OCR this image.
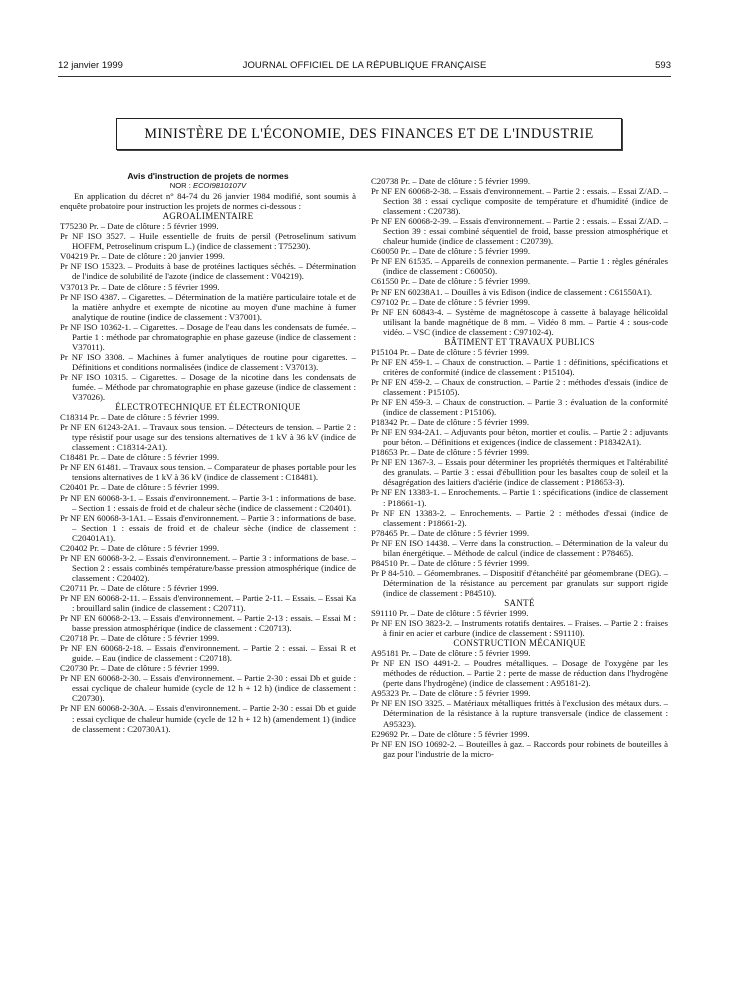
12 janvier 1999	JOURNAL OFFICIEL DE LA RÉPUBLIQUE FRANÇAISE	593
MINISTÈRE DE L'ÉCONOMIE, DES FINANCES ET DE L'INDUSTRIE

Avis d'instruction de projets de normes

NOR : ECOI9810107V

En application du décret n° 84-74 du 26 janvier 1984 modifié, sont soumis à enquête probatoire pour instruction les projets de normes ci-dessous :

AGROALIMENTAIRE

T75230 Pr. – Date de clôture : 5 février 1999.

Pr NF ISO 3527. – Huile essentielle de fruits de persil (Petroselinum sativum HOFFM, Petroselinum crispum L.) (indice de classement : T75230).

V04219 Pr. – Date de clôture : 20 janvier 1999.

Pr NF ISO 15323. – Produits à base de protéines lactiques séchés. – Détermination de l'indice de solubilité de l'azote (indice de classement : V04219).

V37013 Pr. – Date de clôture : 5 février 1999.

Pr NF ISO 4387. – Cigarettes. – Détermination de la matière particulaire totale et de la matière anhydre et exempte de nicotine au moyen d'une machine à fumer analytique de routine (indice de classement : V37001).

Pr NF ISO 10362-1. – Cigarettes. – Dosage de l'eau dans les condensats de fumée. – Partie 1 : méthode par chromatographie en phase gazeuse (indice de classement : V37011).

Pr NF ISO 3308. – Machines à fumer analytiques de routine pour cigarettes. – Définitions et conditions normalisées (indice de classement : V37013).

Pr NF ISO 10315. – Cigarettes. – Dosage de la nicotine dans les condensats de fumée. – Méthode par chromatographie en phase gazeuse (indice de classement : V37026).

ÉLECTROTECHNIQUE ET ÉLECTRONIQUE

C18314 Pr. – Date de clôture : 5 février 1999.

Pr NF EN 61243-2A1. – Travaux sous tension. – Détecteurs de tension. – Partie 2 : type résistif pour usage sur des tensions alternatives de 1 kV à 36 kV (indice de classement : C18314-2A1).

C18481 Pr. – Date de clôture : 5 février 1999.

Pr NF EN 61481. – Travaux sous tension. – Comparateur de phases portable pour les tensions alternatives de 1 kV à 36 kV (indice de classement : C18481).

C20401 Pr. – Date de clôture : 5 février 1999.

Pr NF EN 60068-3-1. – Essais d'environnement. – Partie 3-1 : informations de base. – Section 1 : essais de froid et de chaleur sèche (indice de classement : C20401).

Pr NF EN 60068-3-1A1. – Essais d'environnement. – Partie 3 : informations de base. – Section 1 : essais de froid et de chaleur sèche (indice de classement : C20401A1).

C20402 Pr. – Date de clôture : 5 février 1999.

Pr NF EN 60068-3-2. – Essais d'environnement. – Partie 3 : informations de base. – Section 2 : essais combinés température/basse pression atmosphérique (indice de classement : C20402).

C20711 Pr. – Date de clôture : 5 février 1999.

Pr NF EN 60068-2-11. – Essais d'environnement. – Partie 2-11. – Essais. – Essai Ka : brouillard salin (indice de classement : C20711).

Pr NF EN 60068-2-13. – Essais d'environnement. – Partie 2-13 : essais. – Essai M : basse pression atmosphérique (indice de classement : C20713).

C20718 Pr. – Date de clôture : 5 février 1999.

Pr NF EN 60068-2-18. – Essais d'environnement. – Partie 2 : essai. – Essai R et guide. – Eau (indice de classement : C20718).

C20730 Pr. – Date de clôture : 5 février 1999.

Pr NF EN 60068-2-30. – Essais d'environnement. – Partie 2-30 : essai Db et guide : essai cyclique de chaleur humide (cycle de 12 h + 12 h) (indice de classement : C20730).

Pr NF EN 60068-2-30A. – Essais d'environnement. – Partie 2-30 : essai Db et guide : essai cyclique de chaleur humide (cycle de 12 h + 12 h) (amendement 1) (indice de classement : C20730A1).

C20738 Pr. – Date de clôture : 5 février 1999.

Pr NF EN 60068-2-38. – Essais d'environnement. – Partie 2 : essais. – Essai Z/AD. – Section 38 : essai cyclique composite de température et d'humidité (indice de classement : C20738).

Pr NF EN 60068-2-39. – Essais d'environnement. – Partie 2 : essais. – Essai Z/AD. – Section 39 : essai combiné séquentiel de froid, basse pression atmosphérique et chaleur humide (indice de classement : C20739).

C60050 Pr. – Date de clôture : 5 février 1999.

Pr NF EN 61535. – Appareils de connexion permanente. – Partie 1 : règles générales (indice de classement : C60050).

C61550 Pr. – Date de clôture : 5 février 1999.

Pr NF EN 60238A1. – Douilles à vis Edison (indice de classement : C61550A1).

C97102 Pr. – Date de clôture : 5 février 1999.

Pr NF EN 60843-4. – Système de magnétoscope à cassette à balayage hélicoïdal utilisant la bande magnétique de 8 mm. – Vidéo 8 mm. – Partie 4 : sous-code vidéo. – VSC (indice de classement : C97102-4).

BÂTIMENT ET TRAVAUX PUBLICS

P15104 Pr. – Date de clôture : 5 février 1999.

Pr NF EN 459-1. – Chaux de construction. – Partie 1 : définitions, spécifications et critères de conformité (indice de classement : P15104).

Pr NF EN 459-2. – Chaux de construction. – Partie 2 : méthodes d'essais (indice de classement : P15105).

Pr NF EN 459-3. – Chaux de construction. – Partie 3 : évaluation de la conformité (indice de classement : P15106).

P18342 Pr. – Date de clôture : 5 février 1999.

Pr NF EN 934-2A1. – Adjuvants pour béton, mortier et coulis. – Partie 2 : adjuvants pour béton. – Définitions et exigences (indice de classement : P18342A1).

P18653 Pr. – Date de clôture : 5 février 1999.

Pr NF EN 1367-3. – Essais pour déterminer les propriétés thermiques et l'altérabilité des granulats. – Partie 3 : essai d'ébullition pour les basaltes coup de soleil et la désagrégation des laitiers d'aciérie (indice de classement : P18653-3).

Pr NF EN 13383-1. – Enrochements. – Partie 1 : spécifications (indice de classement : P18661-1).

Pr NF EN 13383-2. – Enrochements. – Partie 2 : méthodes d'essai (indice de classement : P18661-2).

P78465 Pr. – Date de clôture : 5 février 1999.

Pr NF EN ISO 14438. – Verre dans la construction. – Détermination de la valeur du bilan énergétique. – Méthode de calcul (indice de classement : P78465).

P84510 Pr. – Date de clôture : 5 février 1999.

Pr P 84-510. – Géomembranes. – Dispositif d'étanchéité par géomembrane (DEG). – Détermination de la résistance au percement par granulats sur support rigide (indice de classement : P84510).

SANTÉ

S91110 Pr. – Date de clôture : 5 février 1999.

Pr NF EN ISO 3823-2. – Instruments rotatifs dentaires. – Fraises. – Partie 2 : fraises à finir en acier et carbure (indice de classement : S91110).

CONSTRUCTION MÉCANIQUE

A95181 Pr. – Date de clôture : 5 février 1999.

Pr NF EN ISO 4491-2. – Poudres métalliques. – Dosage de l'oxygène par les méthodes de réduction. – Partie 2 : perte de masse de réduction dans l'hydrogène (perte dans l'hydrogène) (indice de classement : A95181-2).

A95323 Pr. – Date de clôture : 5 février 1999.

Pr NF EN ISO 3325. – Matériaux métalliques frittés à l'exclusion des métaux durs. – Détermination de la résistance à la rupture transversale (indice de classement : A95323).

E29692 Pr. – Date de clôture : 5 février 1999.

Pr NF EN ISO 10692-2. – Bouteilles à gaz. – Raccords pour robinets de bouteilles à gaz pour l'industrie de la micro-
